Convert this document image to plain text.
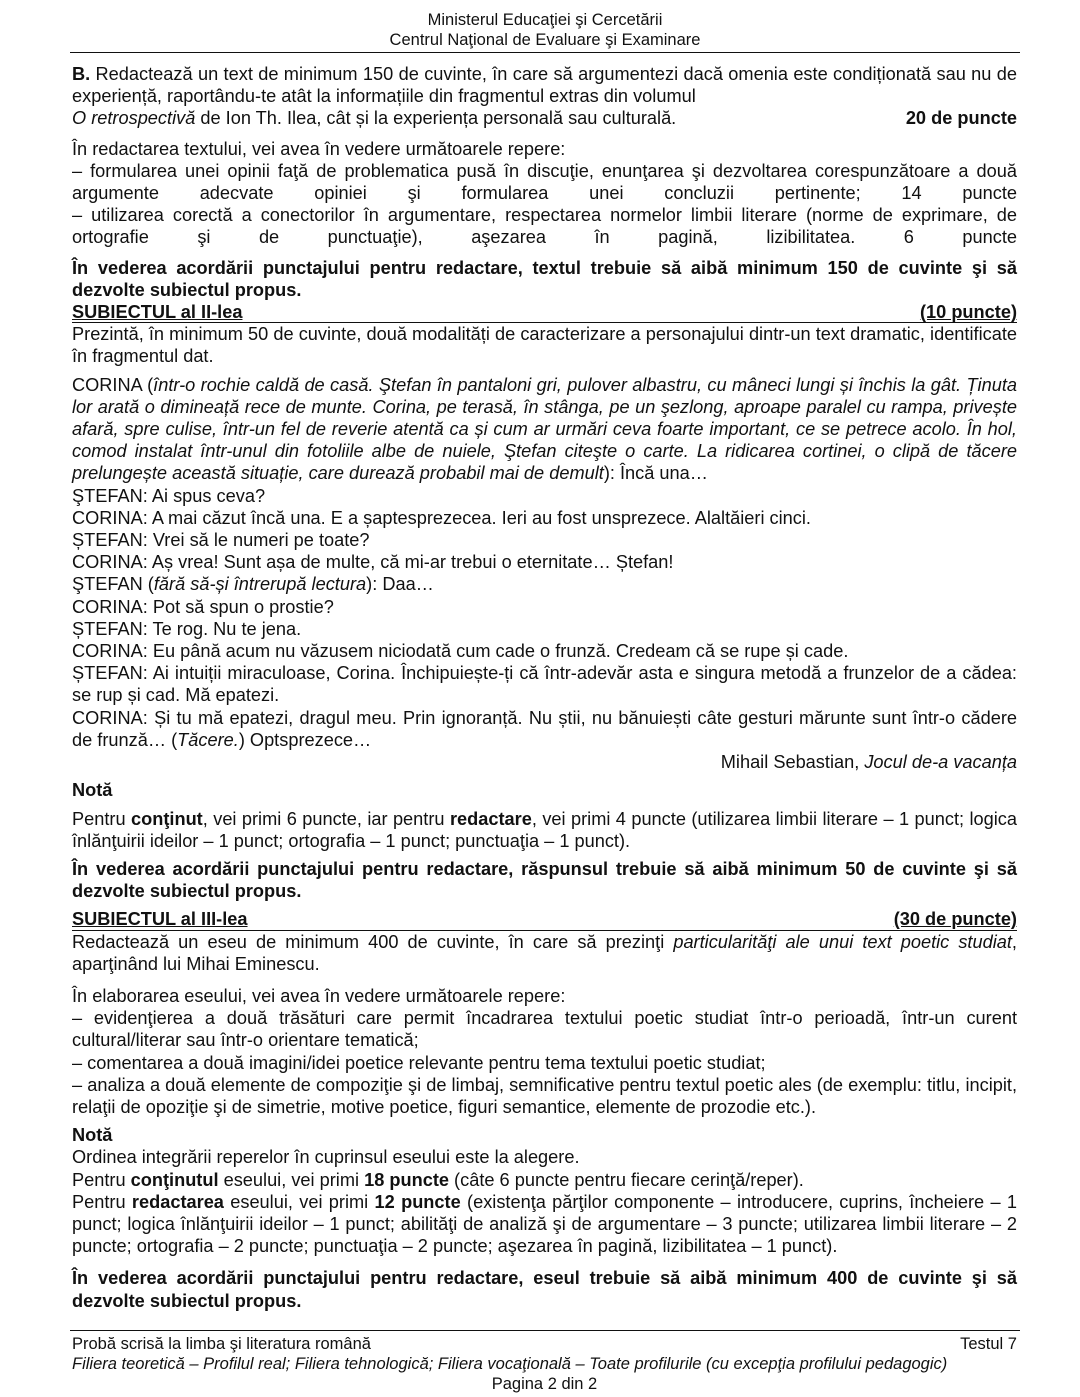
Ministerul Educaţiei şi Cercetării
Centrul Naţional de Evaluare şi Examinare

B. Redactează un text de minimum 150 de cuvinte, în care să argumentezi dacă omenia este condiționată sau nu de experiență, raportându-te atât la informațiile din fragmentul extras din volumul

O retrospectivă de Ion Th. Ilea, cât și la experiența personală sau culturală.	20 de puncte

În redactarea textului, vei avea în vedere următoarele repere:

– formularea unei opinii faţă de problematica pusă în discuţie, enunţarea şi dezvoltarea corespunzătoare a două argumente adecvate opiniei şi formularea unei concluzii pertinente; 14 puncte

– utilizarea corectă a conectorilor în argumentare, respectarea normelor limbii literare (norme de exprimare, de ortografie şi de punctuaţie), aşezarea în pagină, lizibilitatea.	6 puncte

În vederea acordării punctajului pentru redactare, textul trebuie să aibă minimum 150 de cuvinte şi să dezvolte subiectul propus.

SUBIECTUL al II-lea	(10 puncte)

Prezintă, în minimum 50 de cuvinte, două modalități de caracterizare a personajului dintr-un text dramatic, identificate în fragmentul dat.

CORINA (într-o rochie caldă de casă. Ştefan în pantaloni gri, pulover albastru, cu mâneci lungi și închis la gât. Ținuta lor arată o dimineață rece de munte. Corina, pe terasă, în stânga, pe un şezlong, aproape paralel cu rampa, privește afară, spre culise, într-un fel de reverie atentă ca și cum ar urmări ceva foarte important, ce se petrece acolo. În hol, comod instalat într-unul din fotoliile albe de nuiele, Ştefan citeşte o carte. La ridicarea cortinei, o clipă de tăcere prelungește această situație, care durează probabil mai de demult): Încă una…

ŞTEFAN: Ai spus ceva?

CORINA: A mai căzut încă una. E a șaptesprezecea. Ieri au fost unsprezece. Alaltăieri cinci.

ȘTEFAN: Vrei să le numeri pe toate?

CORINA: Aș vrea! Sunt așa de multe, că mi-ar trebui o eternitate… Ștefan!

ŞTEFAN (fără să-și întrerupă lectura): Daa…

CORINA: Pot să spun o prostie?

ȘTEFAN: Te rog. Nu te jena.

CORINA: Eu până acum nu văzusem niciodată cum cade o frunză. Credeam că se rupe și cade.

ȘTEFAN: Ai intuiții miraculoase, Corina. Închipuiește-ți că într-adevăr asta e singura metodă a frunzelor de a cădea: se rup și cad. Mă epatezi.

CORINA: Și tu mă epatezi, dragul meu. Prin ignoranță. Nu știi, nu bănuiești câte gesturi mărunte sunt într-o cădere de frunză… (Tăcere.) Optsprezece…

Mihail Sebastian, Jocul de-a vacanța

Notă

Pentru conţinut, vei primi 6 puncte, iar pentru redactare, vei primi 4 puncte (utilizarea limbii literare – 1 punct; logica înlănţuirii ideilor – 1 punct; ortografia – 1 punct; punctuaţia – 1 punct).

În vederea acordării punctajului pentru redactare, răspunsul trebuie să aibă minimum 50 de cuvinte şi să dezvolte subiectul propus.

SUBIECTUL al III-lea	(30 de puncte)

Redactează un eseu de minimum 400 de cuvinte, în care să prezinţi particularităţi ale unui text poetic studiat, aparţinând lui Mihai Eminescu.

În elaborarea eseului, vei avea în vedere următoarele repere:

– evidenţierea a două trăsături care permit încadrarea textului poetic studiat într-o perioadă, într-un curent cultural/literar sau într-o orientare tematică;

– comentarea a două imagini/idei poetice relevante pentru tema textului poetic studiat;

– analiza a două elemente de compoziţie şi de limbaj, semnificative pentru textul poetic ales (de exemplu: titlu, incipit, relaţii de opoziţie şi de simetrie, motive poetice, figuri semantice, elemente de prozodie etc.).

Notă

Ordinea integrării reperelor în cuprinsul eseului este la alegere.

Pentru conţinutul eseului, vei primi 18 puncte (câte 6 puncte pentru fiecare cerinţă/reper).

Pentru redactarea eseului, vei primi 12 puncte (existenţa părţilor componente – introducere, cuprins, încheiere – 1 punct; logica înlănţuirii ideilor – 1 punct; abilităţi de analiză şi de argumentare – 3 puncte; utilizarea limbii literare – 2 puncte; ortografia – 2 puncte; punctuaţia – 2 puncte; aşezarea în pagină, lizibilitatea – 1 punct).

În vederea acordării punctajului pentru redactare, eseul trebuie să aibă minimum 400 de cuvinte şi să dezvolte subiectul propus.

Probă scrisă la limba şi literatura română	Testul 7
Filiera teoretică – Profilul real; Filiera tehnologică; Filiera vocaţională – Toate profilurile (cu excepţia profilului pedagogic)
Pagina 2 din 2
